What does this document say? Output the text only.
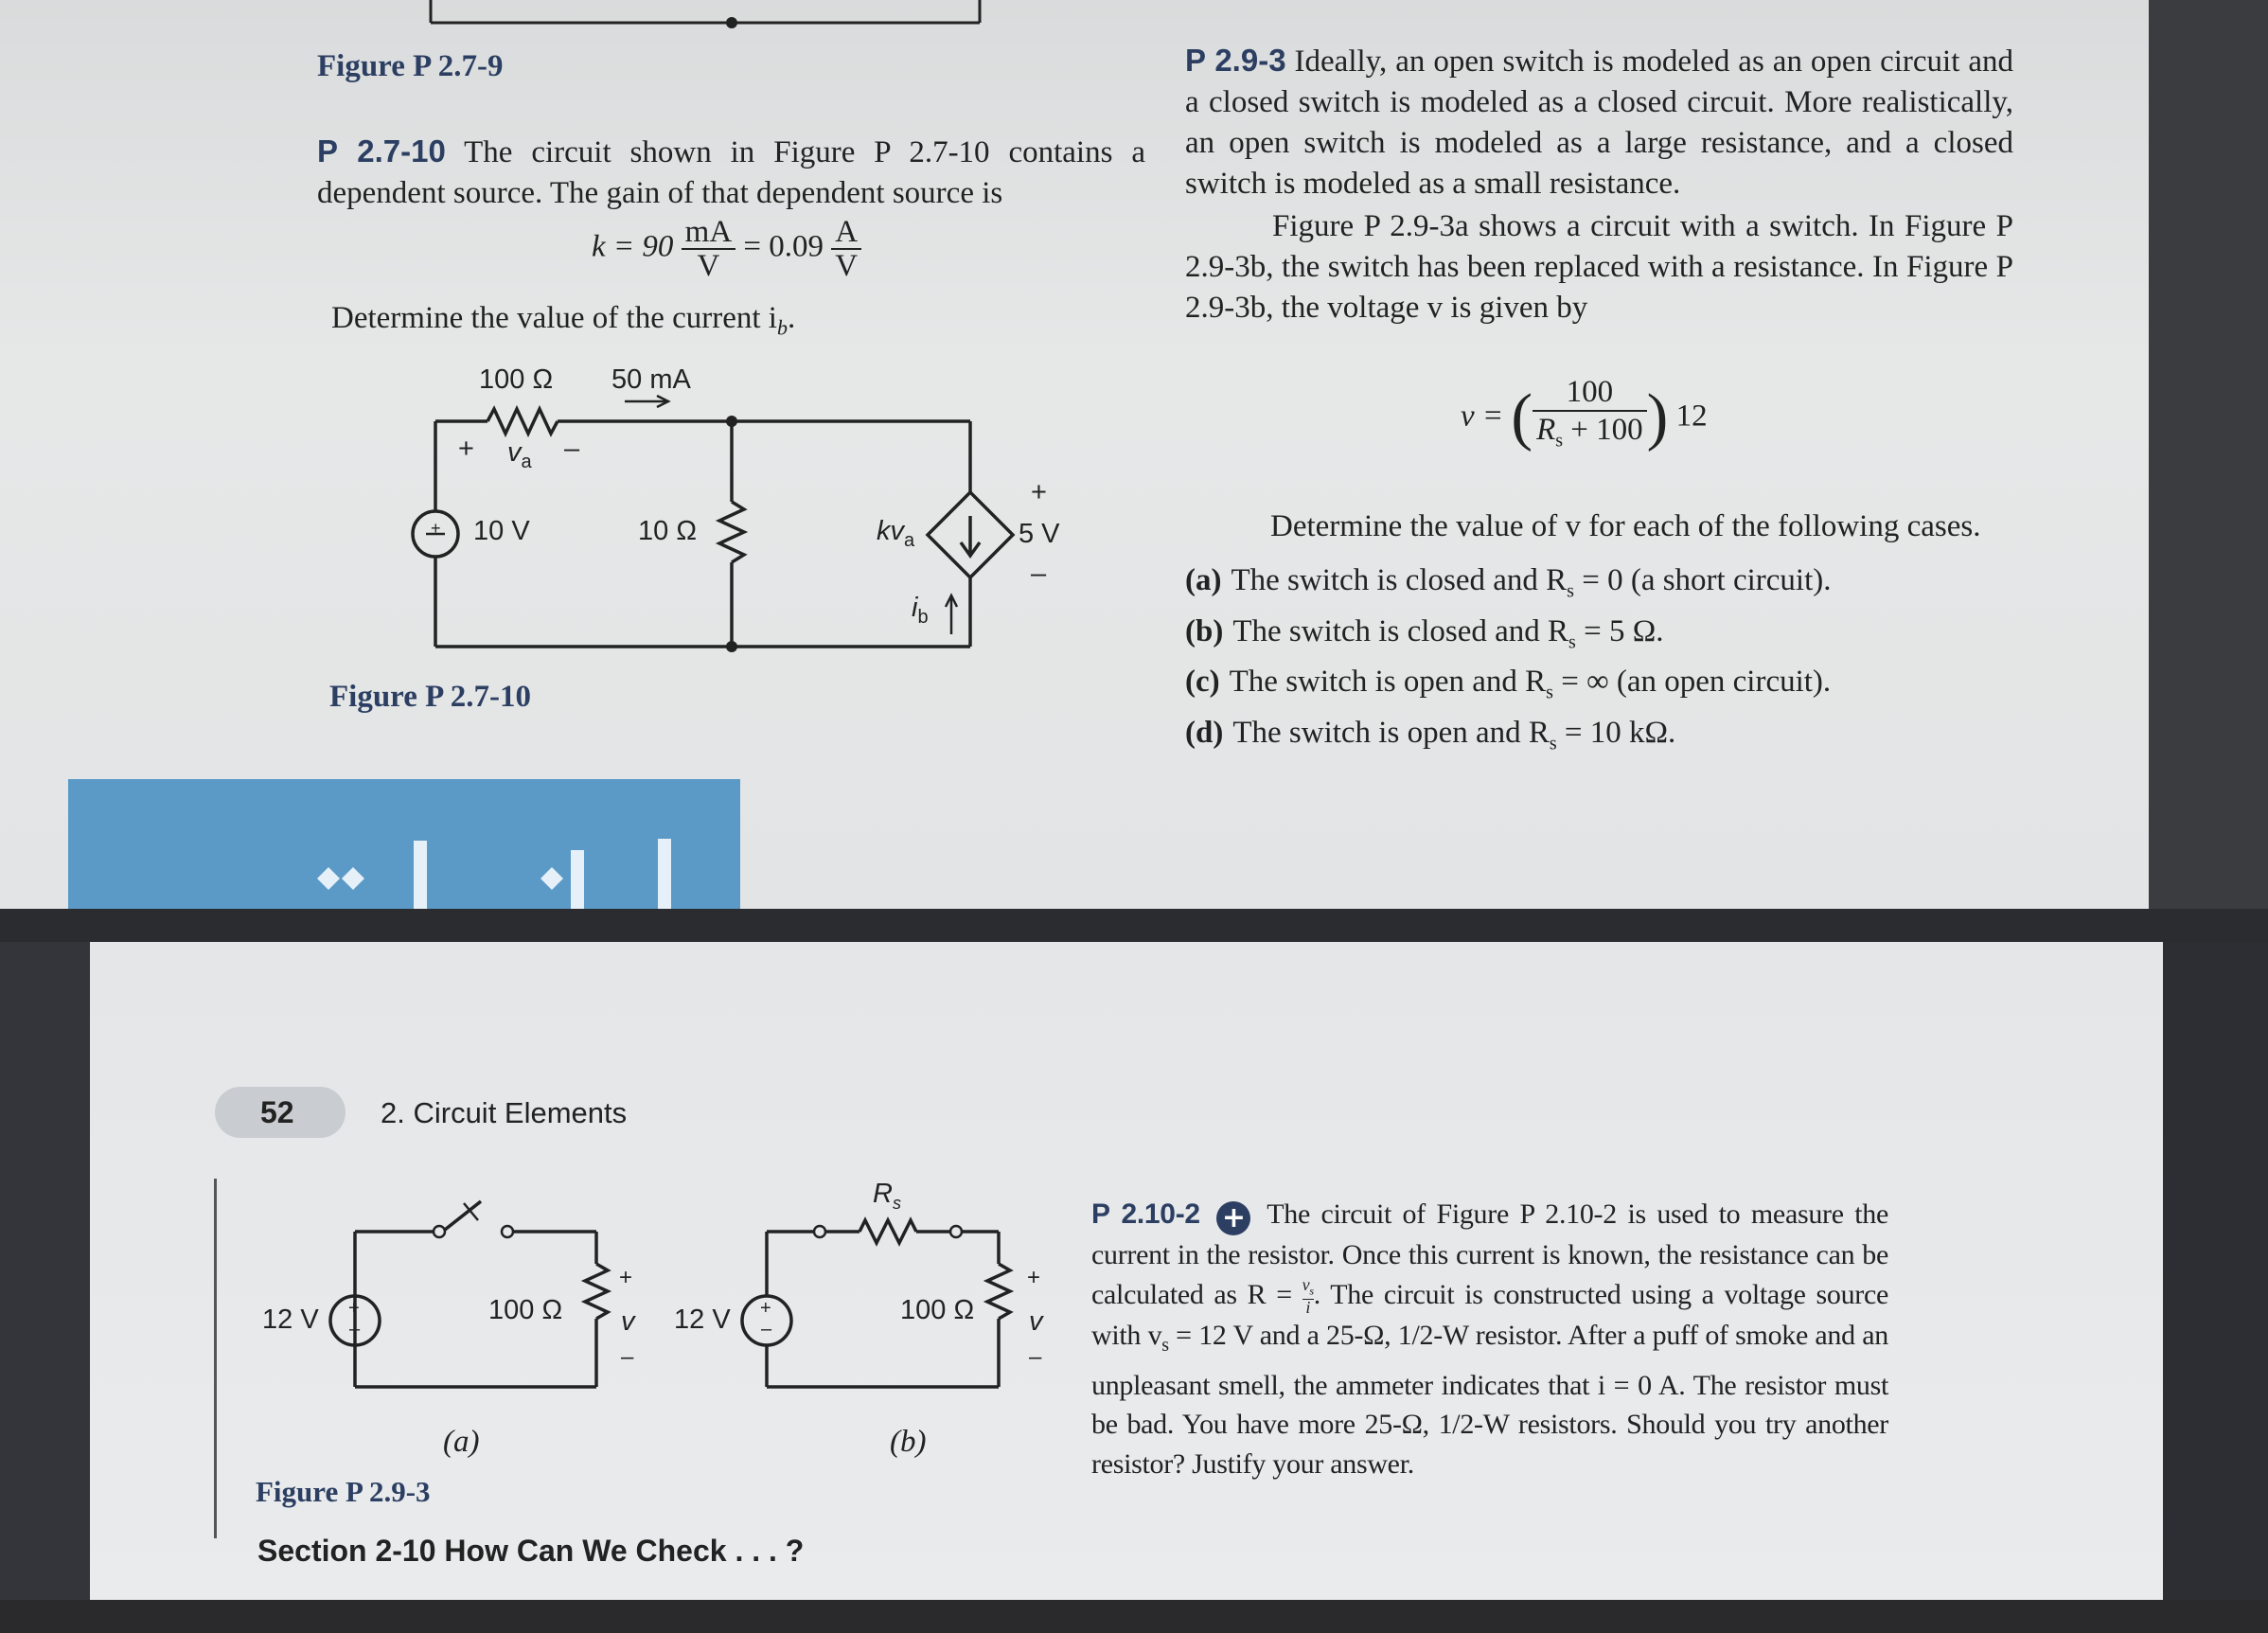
Figure P 2.7-9
P 2.7-10 The circuit shown in Figure P 2.7-10 contains a dependent source. The gain of that dependent source is
$k = 90 \frac{mA}{V} = 0.09 \frac{A}{V}$
Determine the value of the current $i_b$.
100 Ω 50 mA
+ $v_a$ –
+ 10 V	10 Ω	$kv_a$
$i_b$
+
5 V
–
Figure P 2.7-10
P 2.9-3 Ideally, an open switch is modeled as an open circuit and a closed switch is modeled as a closed circuit. More realistically, an open switch is modeled as a large resistance, and a closed switch is modeled as a small resistance.
Figure P 2.9-3a shows a circuit with a switch. In Figure P 2.9-3b, the switch has been replaced with a resistance. In Figure P 2.9-3b, the voltage v is given by
v = ( $\frac{100}{R_s + 100}$ ) 12
Determine the value of v for each of the following cases.
(a) The switch is closed and $R_s = 0$ (a short circuit).
(b) The switch is closed and $R_s = 5$ Ω.
(c) The switch is open and $R_s$ = ∞ (an open circuit).
(d) The switch is open and $R_s = 10$ kΩ.
52	2. Circuit Elements
12 V +
–
100 Ω
+
v
–
(a)
12 V +
–
$R_s$
100 Ω
+
v
–
(b)
Figure P 2.9-3
Section 2-10 How Can We Check . . . ?
P 2.10-2 + The circuit of Figure P 2.10-2 is used to measure the current in the resistor. Once this current is known, the resistance can be calculated as $R = \frac{v_s}{i}$ . The circuit is constructed using a voltage source with $v_s = 12$ V and a 25-Ω, 1/2-W resistor. After a puff of smoke and an unpleasant smell, the ammeter indicates that i = 0 A. The resistor must be bad. You have more 25-Ω, 1/2-W resistors. Should you try another resistor? Justify your answer.
